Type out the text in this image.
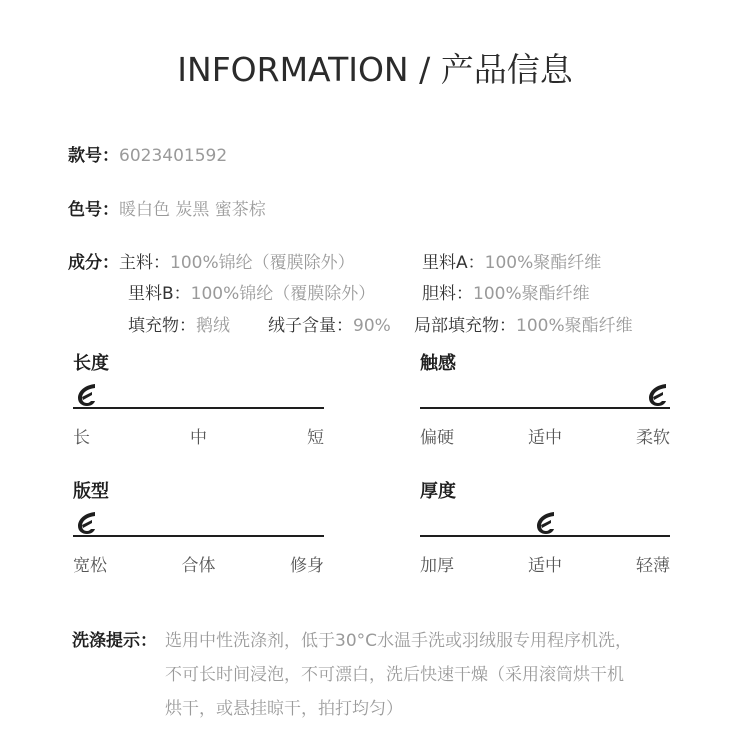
INFORMATION / 产品信息
款号：6023401592
色号：暖白色 炭黑 蜜茶棕
成分：主料：100%锦纶（覆膜除外）	里料A：100%聚酯纤维
里料B：100%锦纶（覆膜除外）	胆料：100%聚酯纤维
填充物：鹅绒 绒子含量：90% 局部填充物：100%聚酯纤维
长度
长	中	短
触感
偏硬	适中	柔软
版型
宽松	合体	修身
厚度
加厚	适中	轻薄
洗涤提示： 选用中性洗涤剂，低于30°C水温手洗或羽绒服专用程序机洗，
不可长时间浸泡，不可漂白，洗后快速干燥（采用滚筒烘干机
烘干，或悬挂晾干，拍打均匀）
